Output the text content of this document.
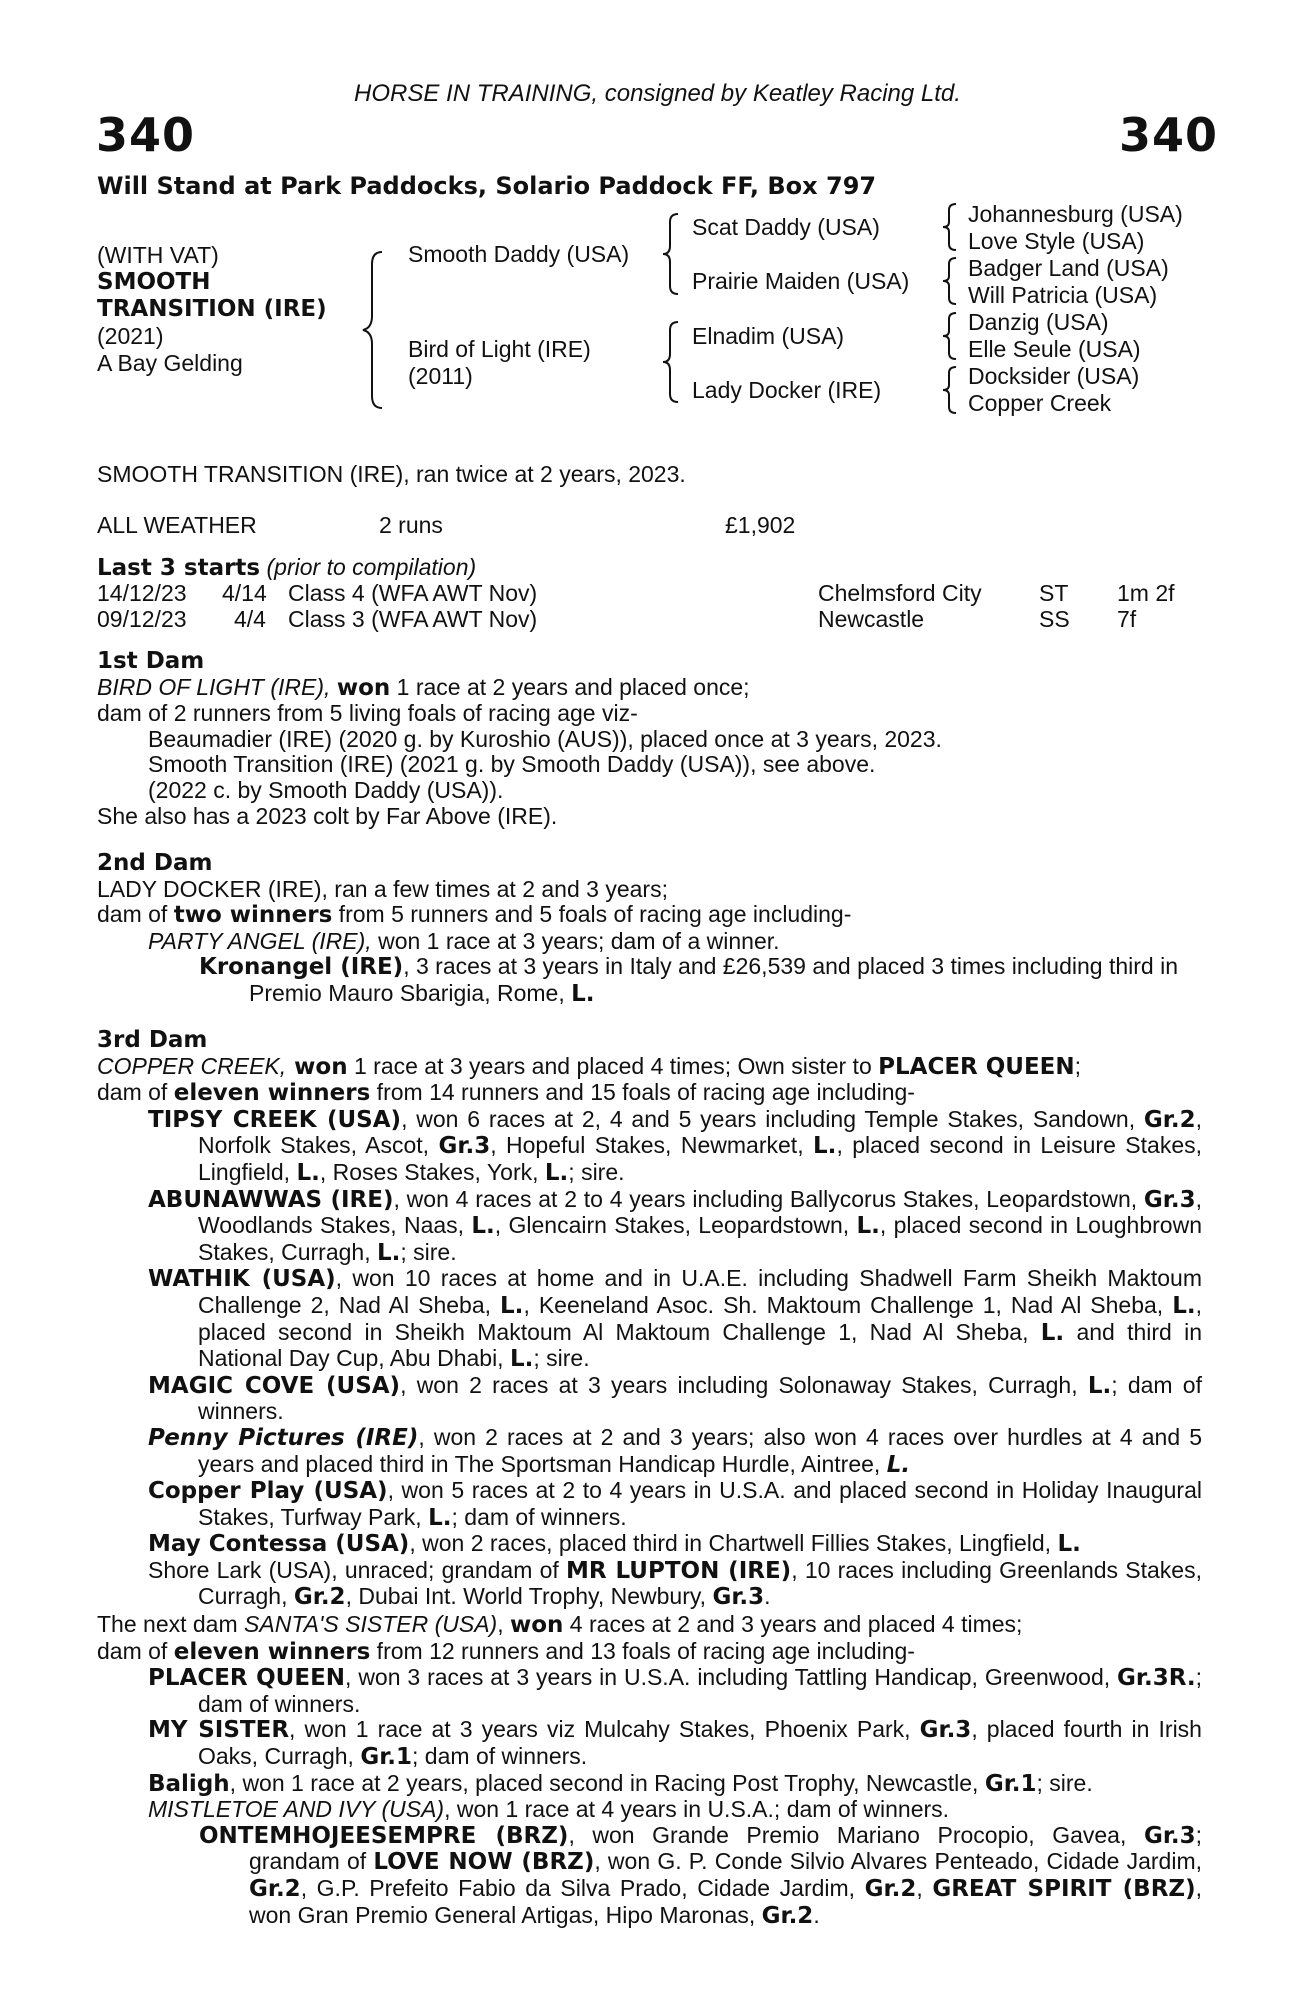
HORSE IN TRAINING, consigned by Keatley Racing Ltd.
340	340
Will Stand at Park Paddocks, Solario Paddock FF, Box 797
(WITH VAT)
SMOOTH
TRANSITION (IRE)
(2021)
A Bay Gelding
Smooth Daddy (USA)
Bird of Light (IRE)
(2011)
Scat Daddy (USA)
Prairie Maiden (USA)
Elnadim (USA)
Lady Docker (IRE)
Johannesburg (USA)
Love Style (USA)
Badger Land (USA)
Will Patricia (USA)
Danzig (USA)
Elle Seule (USA)
Docksider (USA)
Copper Creek
SMOOTH TRANSITION (IRE), ran twice at 2 years, 2023.
ALL WEATHER	2 runs	£1,902
Last 3 starts (prior to compilation)
14/12/23 4/14 Class 4 (WFA AWT Nov)	Chelmsford City ST 1m 2f
09/12/23 4/4 Class 3 (WFA AWT Nov)	Newcastle	SS 7f

1st Dam

BIRD OF LIGHT (IRE), won 1 race at 2 years and placed once;

dam of 2 runners from 5 living foals of racing age viz-

Beaumadier (IRE) (2020 g. by Kuroshio (AUS)), placed once at 3 years, 2023.

Smooth Transition (IRE) (2021 g. by Smooth Daddy (USA)), see above.

(2022 c. by Smooth Daddy (USA)).

She also has a 2023 colt by Far Above (IRE).

2nd Dam

LADY DOCKER (IRE), ran a few times at 2 and 3 years;

dam of two winners from 5 runners and 5 foals of racing age including-

PARTY ANGEL (IRE), won 1 race at 3 years; dam of a winner.

Kronangel (IRE), 3 races at 3 years in Italy and £26,539 and placed 3 times including third in Premio Mauro Sbarigia, Rome, L.

3rd Dam

COPPER CREEK, won 1 race at 3 years and placed 4 times; Own sister to PLACER QUEEN;

dam of eleven winners from 14 runners and 15 foals of racing age including-

TIPSY CREEK (USA), won 6 races at 2, 4 and 5 years including Temple Stakes, Sandown, Gr.2, Norfolk Stakes, Ascot, Gr.3, Hopeful Stakes, Newmarket, L., placed second in Leisure Stakes, Lingfield, L., Roses Stakes, York, L.; sire.

ABUNAWWAS (IRE), won 4 races at 2 to 4 years including Ballycorus Stakes, Leopardstown, Gr.3, Woodlands Stakes, Naas, L., Glencairn Stakes, Leopardstown, L., placed second in Loughbrown Stakes, Curragh, L.; sire.

WATHIK (USA), won 10 races at home and in U.A.E. including Shadwell Farm Sheikh Maktoum Challenge 2, Nad Al Sheba, L., Keeneland Asoc. Sh. Maktoum Challenge 1, Nad Al Sheba, L., placed second in Sheikh Maktoum Al Maktoum Challenge 1, Nad Al Sheba, L. and third in National Day Cup, Abu Dhabi, L.; sire.

MAGIC COVE (USA), won 2 races at 3 years including Solonaway Stakes, Curragh, L.; dam of winners.

Penny Pictures (IRE), won 2 races at 2 and 3 years; also won 4 races over hurdles at 4 and 5 years and placed third in The Sportsman Handicap Hurdle, Aintree, L.

Copper Play (USA), won 5 races at 2 to 4 years in U.S.A. and placed second in Holiday Inaugural Stakes, Turfway Park, L.; dam of winners.

May Contessa (USA), won 2 races, placed third in Chartwell Fillies Stakes, Lingfield, L.

Shore Lark (USA), unraced; grandam of MR LUPTON (IRE), 10 races including Greenlands Stakes, Curragh, Gr.2, Dubai Int. World Trophy, Newbury, Gr.3.

The next dam SANTA'S SISTER (USA), won 4 races at 2 and 3 years and placed 4 times;

dam of eleven winners from 12 runners and 13 foals of racing age including-

PLACER QUEEN, won 3 races at 3 years in U.S.A. including Tattling Handicap, Greenwood, Gr.3R.; dam of winners.

MY SISTER, won 1 race at 3 years viz Mulcahy Stakes, Phoenix Park, Gr.3, placed fourth in Irish Oaks, Curragh, Gr.1; dam of winners.

Baligh, won 1 race at 2 years, placed second in Racing Post Trophy, Newcastle, Gr.1; sire.

MISTLETOE AND IVY (USA), won 1 race at 4 years in U.S.A.; dam of winners.

ONTEMHOJEESEMPRE (BRZ), won Grande Premio Mariano Procopio, Gavea, Gr.3; grandam of LOVE NOW (BRZ), won G. P. Conde Silvio Alvares Penteado, Cidade Jardim, Gr.2, G.P. Prefeito Fabio da Silva Prado, Cidade Jardim, Gr.2, GREAT SPIRIT (BRZ), won Gran Premio General Artigas, Hipo Maronas, Gr.2.
